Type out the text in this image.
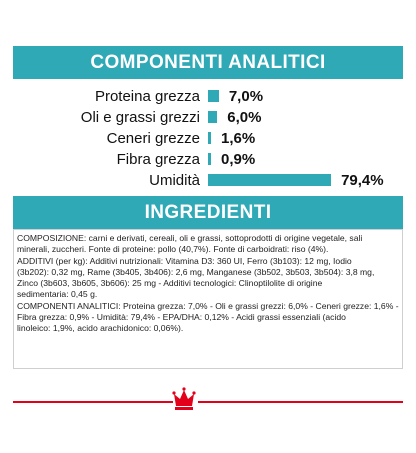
COMPONENTI ANALITICI
Proteina grezza 7,0%
Oli e grassi grezzi 6,0%
Ceneri grezze 1,6%
Fibra grezza 0,9%
Umidità	79,4%
INGREDIENTI
COMPOSIZIONE: carni e derivati, cereali, oli e grassi, sottoprodotti di origine vegetale, sali
minerali, zuccheri. Fonte di proteine: pollo (40,7%). Fonte di carboidrati: riso (4%).
ADDITIVI (per kg): Additivi nutrizionali: Vitamina D3: 360 UI, Ferro (3b103): 12 mg, Iodio
(3b202): 0,32 mg, Rame (3b405, 3b406): 2,6 mg, Manganese (3b502, 3b503, 3b504): 3,8 mg,
Zinco (3b603, 3b605, 3b606): 25 mg - Additivi tecnologici: Clinoptilolite di origine
sedimentaria: 0,45 g.
COMPONENTI ANALITICI: Proteina grezza: 7,0% - Oli e grassi grezzi: 6,0% - Ceneri grezze: 1,6% -
Fibra grezza: 0,9% - Umidità: 79,4% - EPA/DHA: 0,12% - Acidi grassi essenziali (acido
linoleico: 1,9%, acido arachidonico: 0,06%).
